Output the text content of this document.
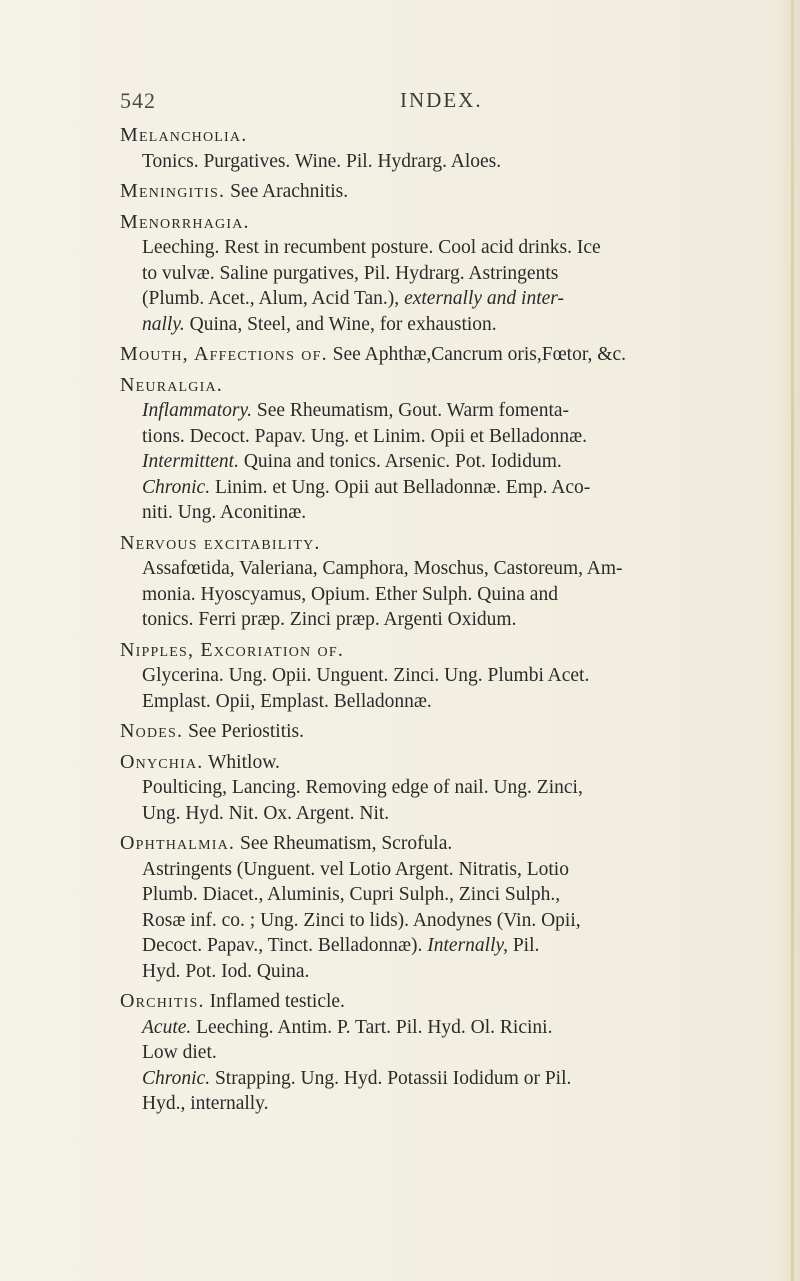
542	INDEX.
Melancholia.
Tonics. Purgatives. Wine. Pil. Hydrarg. Aloes.
Meningitis. See Arachnitis.
Menorrhagia.
Leeching. Rest in recumbent posture. Cool acid drinks. Ice
to vulvæ. Saline purgatives, Pil. Hydrarg. Astringents
(Plumb. Acet., Alum, Acid Tan.), externally and inter-
nally. Quina, Steel, and Wine, for exhaustion.
Mouth, Affections of. See Aphthæ,Cancrum oris,Fœtor, &c.
Neuralgia.
Inflammatory. See Rheumatism, Gout. Warm fomenta-
tions. Decoct. Papav. Ung. et Linim. Opii et Belladonnæ.
Intermittent. Quina and tonics. Arsenic. Pot. Iodidum.
Chronic. Linim. et Ung. Opii aut Belladonnæ. Emp. Aco-
niti. Ung. Aconitinæ.
Nervous excitability.
Assafœtida, Valeriana, Camphora, Moschus, Castoreum, Am-
monia. Hyoscyamus, Opium. Ether Sulph. Quina and
tonics. Ferri præp. Zinci præp. Argenti Oxidum.
Nipples, Excoriation of.
Glycerina. Ung. Opii. Unguent. Zinci. Ung. Plumbi Acet.
Emplast. Opii, Emplast. Belladonnæ.
Nodes. See Periostitis.
Onychia. Whitlow.
Poulticing, Lancing. Removing edge of nail. Ung. Zinci,
Ung. Hyd. Nit. Ox. Argent. Nit.
Ophthalmia. See Rheumatism, Scrofula.
Astringents (Unguent. vel Lotio Argent. Nitratis, Lotio
Plumb. Diacet., Aluminis, Cupri Sulph., Zinci Sulph.,
Rosæ inf. co. ; Ung. Zinci to lids). Anodynes (Vin. Opii,
Decoct. Papav., Tinct. Belladonnæ). Internally, Pil.
Hyd. Pot. Iod. Quina.
Orchitis. Inflamed testicle.
Acute. Leeching. Antim. P. Tart. Pil. Hyd. Ol. Ricini.
Low diet.
Chronic. Strapping. Ung. Hyd. Potassii Iodidum or Pil.
Hyd., internally.
